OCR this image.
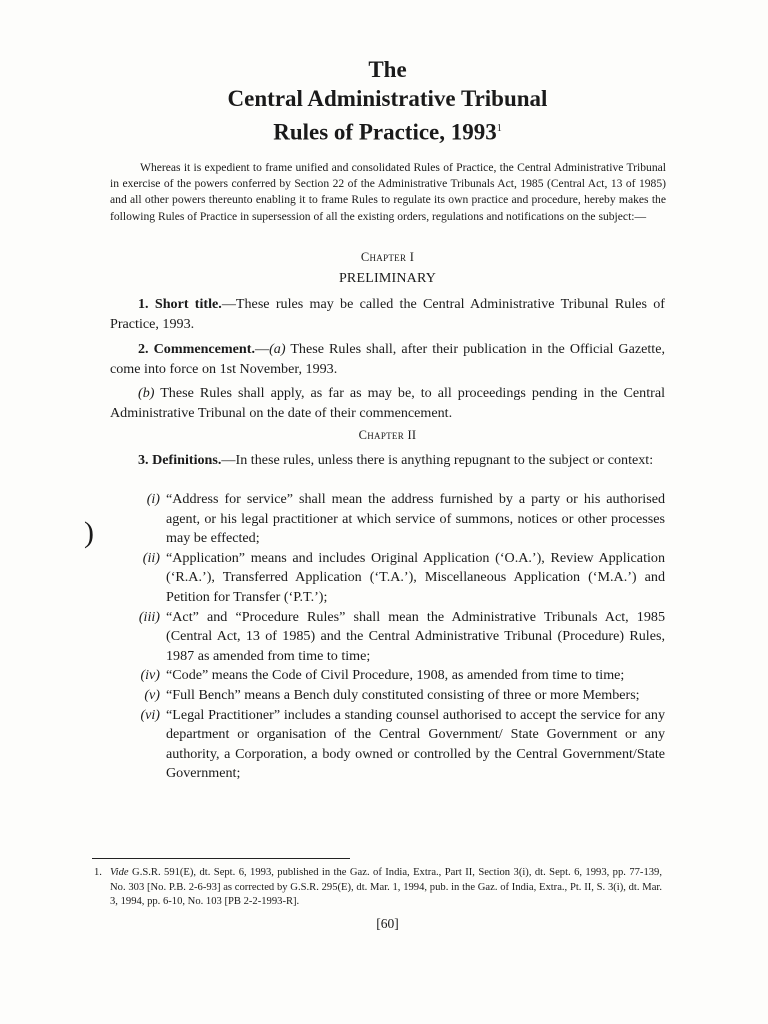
The
Central Administrative Tribunal
Rules of Practice, 1993$^1$
Whereas it is expedient to frame unified and consolidated Rules of Practice, the Central Administrative Tribunal in exercise of the powers conferred by Section 22 of the Administrative Tribunals Act, 1985 (Central Act, 13 of 1985) and all other powers thereunto enabling it to frame Rules to regulate its own practice and procedure, hereby makes the following Rules of Practice in supersession of all the existing orders, regulations and notifications on the subject:—
Chapter I
PRELIMINARY
1. Short title.—These rules may be called the Central Administrative Tribunal Rules of Practice, 1993.
2. Commencement.—(a) These Rules shall, after their publication in the Official Gazette, come into force on 1st November, 1993.
(b) These Rules shall apply, as far as may be, to all proceedings pending in the Central Administrative Tribunal on the date of their commencement.
Chapter II
3. Definitions.—In these rules, unless there is anything repugnant to the subject or context:
(i) “Address for service” shall mean the address furnished by a party or his authorised agent, or his legal practitioner at which service of summons, notices or other processes may be effected;
(ii) “Application” means and includes Original Application (‘O.A.’), Review Application (‘R.A.’), Transferred Application (‘T.A.’), Miscellaneous Application (‘M.A.’) and Petition for Transfer (‘P.T.’);
(iii) “Act” and “Procedure Rules” shall mean the Administrative Tribunals Act, 1985 (Central Act, 13 of 1985) and the Central Administrative Tribunal (Procedure) Rules, 1987 as amended from time to time;
(iv) “Code” means the Code of Civil Procedure, 1908, as amended from time to time;
(v) “Full Bench” means a Bench duly constituted consisting of three or more Members;
(vi) “Legal Practitioner” includes a standing counsel authorised to accept the service for any department or organisation of the Central Government/ State Government or any authority, a Corporation, a body owned or controlled by the Central Government/State Government;
)
1. Vide G.S.R. 591(E), dt. Sept. 6, 1993, published in the Gaz. of India, Extra., Part II, Section 3(i), dt. Sept. 6, 1993, pp. 77-139, No. 303 [No. P.B. 2-6-93] as corrected by G.S.R. 295(E), dt. Mar. 1, 1994, pub. in the Gaz. of India, Extra., Pt. II, S. 3(i), dt. Mar. 3, 1994, pp. 6-10, No. 103 [PB 2-2-1993-R].
[60]
